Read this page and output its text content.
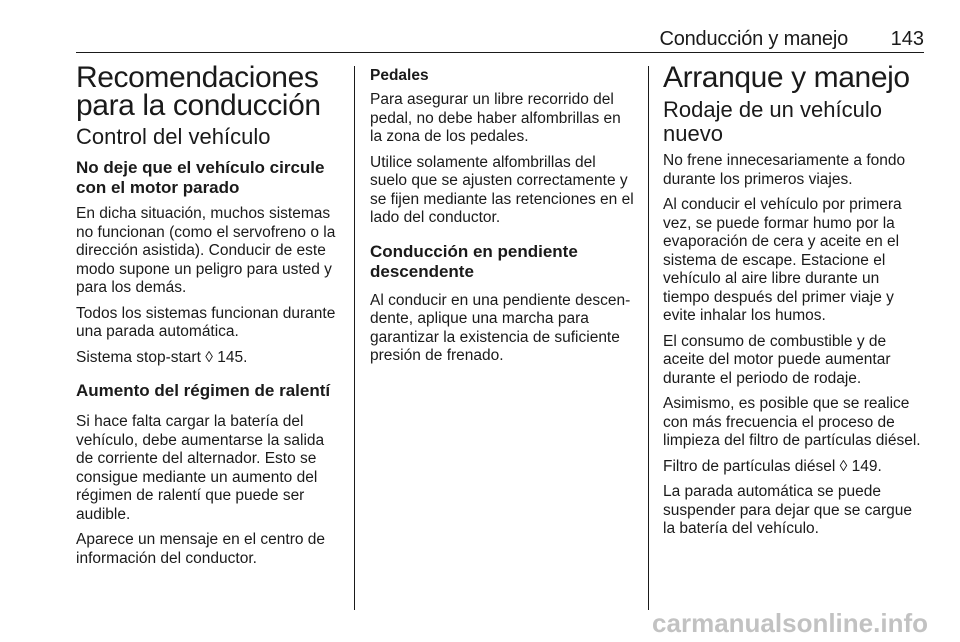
Conducción y manejo	143
Recomendaciones para la conducción
Control del vehículo
No deje que el vehículo circule con el motor parado

En dicha situación, muchos sistemas no funcionan (como el servofreno o la dirección asistida). Conducir de este modo supone un peligro para usted y para los demás.

Todos los sistemas funcionan durante una parada automática.

Sistema stop-start ◊ 145.

Aumento del régimen de ralentí

Si hace falta cargar la batería del vehículo, debe aumentarse la salida de corriente del alternador. Esto se consigue mediante un aumento del régimen de ralentí que puede ser audible.

Aparece un mensaje en el centro de información del conductor.

Pedales

Para asegurar un libre recorrido del pedal, no debe haber alfombrillas en la zona de los pedales.

Utilice solamente alfombrillas del suelo que se ajusten correctamente y se fijen mediante las retenciones en el lado del conductor.

Conducción en pendiente descendente

Al conducir en una pendiente descen-dente, aplique una marcha para garantizar la existencia de suficiente presión de frenado.

Arranque y manejo
Rodaje de un vehículo nuevo

No frene innecesariamente a fondo durante los primeros viajes.

Al conducir el vehículo por primera vez, se puede formar humo por la evaporación de cera y aceite en el sistema de escape. Estacione el vehículo al aire libre durante un tiempo después del primer viaje y evite inhalar los humos.

El consumo de combustible y de aceite del motor puede aumentar durante el periodo de rodaje.

Asimismo, es posible que se realice con más frecuencia el proceso de limpieza del filtro de partículas diésel.

Filtro de partículas diésel ◊ 149.

La parada automática se puede suspender para dejar que se cargue la batería del vehículo.

carmanualsonline.info
